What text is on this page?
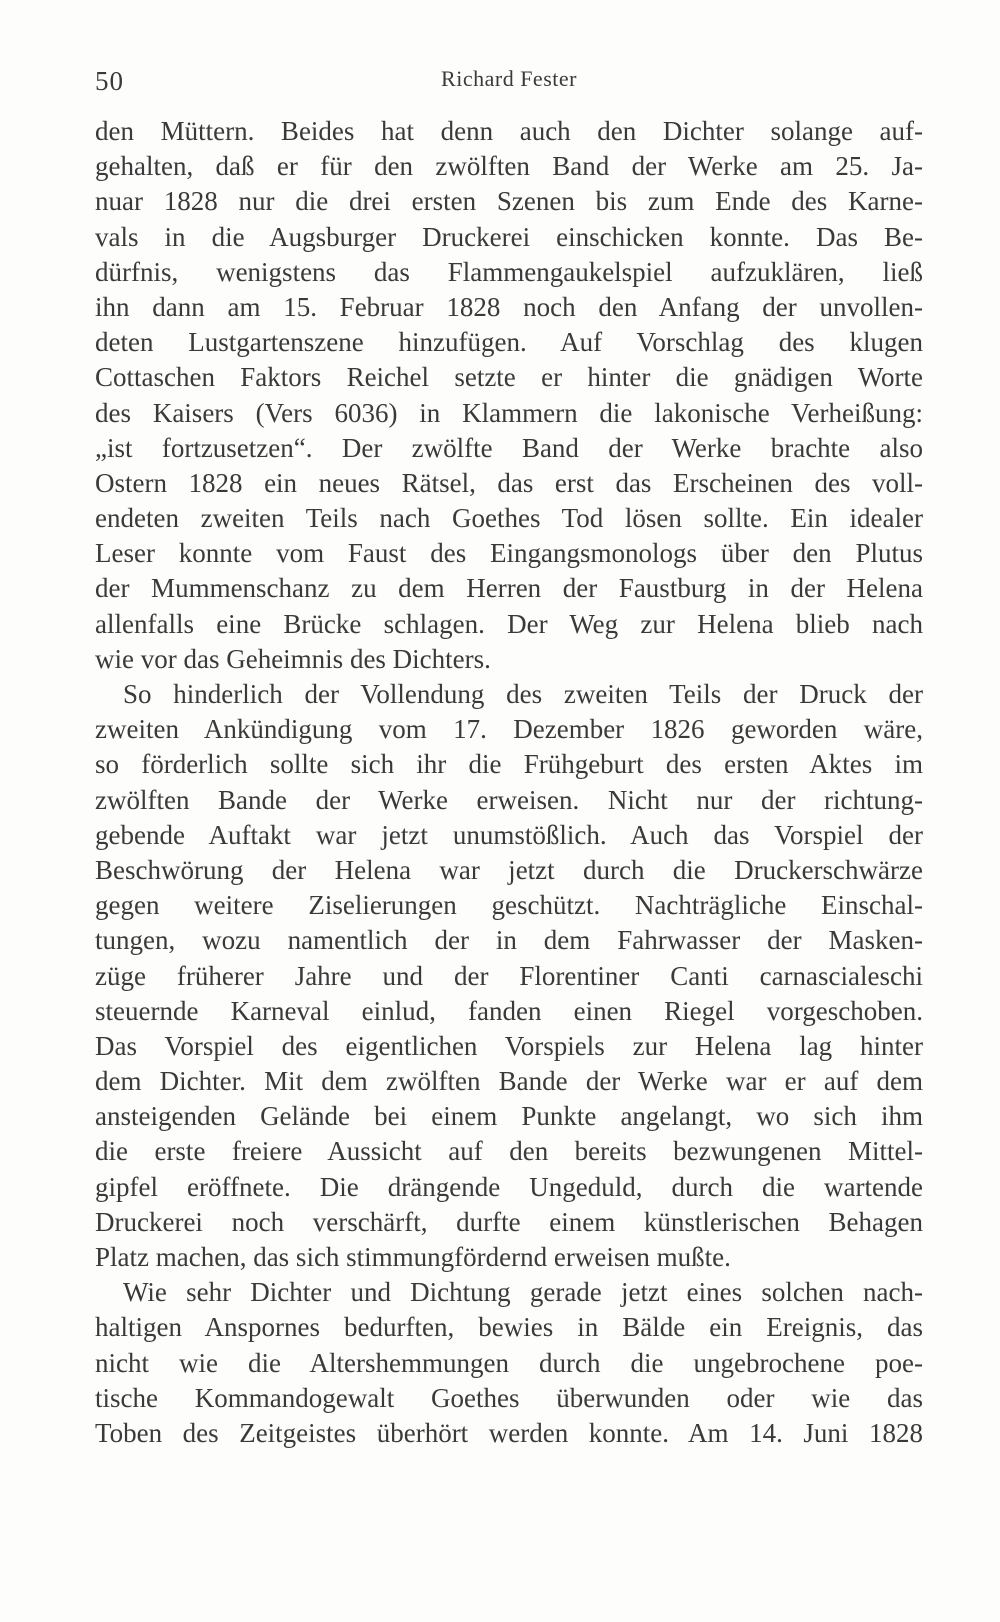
50	Richard Fester
den Müttern. Beides hat denn auch den Dichter solange auf-
gehalten, daß er für den zwölften Band der Werke am 25. Ja-
nuar 1828 nur die drei ersten Szenen bis zum Ende des Karne-
vals in die Augsburger Druckerei einschicken konnte. Das Be-
dürfnis, wenigstens das Flammengaukelspiel aufzuklären, ließ
ihn dann am 15. Februar 1828 noch den Anfang der unvollen-
deten Lustgartenszene hinzufügen. Auf Vorschlag des klugen
Cottaschen Faktors Reichel setzte er hinter die gnädigen Worte
des Kaisers (Vers 6036) in Klammern die lakonische Verheißung:
„ist fortzusetzen“. Der zwölfte Band der Werke brachte also
Ostern 1828 ein neues Rätsel, das erst das Erscheinen des voll-
endeten zweiten Teils nach Goethes Tod lösen sollte. Ein idealer
Leser konnte vom Faust des Eingangsmonologs über den Plutus
der Mummenschanz zu dem Herren der Faustburg in der Helena
allenfalls eine Brücke schlagen. Der Weg zur Helena blieb nach
wie vor das Geheimnis des Dichters.
So hinderlich der Vollendung des zweiten Teils der Druck der
zweiten Ankündigung vom 17. Dezember 1826 geworden wäre,
so förderlich sollte sich ihr die Frühgeburt des ersten Aktes im
zwölften Bande der Werke erweisen. Nicht nur der richtung-
gebende Auftakt war jetzt unumstößlich. Auch das Vorspiel der
Beschwörung der Helena war jetzt durch die Druckerschwärze
gegen weitere Ziselierungen geschützt. Nachträgliche Einschal-
tungen, wozu namentlich der in dem Fahrwasser der Masken-
züge früherer Jahre und der Florentiner Canti carnascialeschi
steuernde Karneval einlud, fanden einen Riegel vorgeschoben.
Das Vorspiel des eigentlichen Vorspiels zur Helena lag hinter
dem Dichter. Mit dem zwölften Bande der Werke war er auf dem
ansteigenden Gelände bei einem Punkte angelangt, wo sich ihm
die erste freiere Aussicht auf den bereits bezwungenen Mittel-
gipfel eröffnete. Die drängende Ungeduld, durch die wartende
Druckerei noch verschärft, durfte einem künstlerischen Behagen
Platz machen, das sich stimmungfördernd erweisen mußte.
Wie sehr Dichter und Dichtung gerade jetzt eines solchen nach-
haltigen Anspornes bedurften, bewies in Bälde ein Ereignis, das
nicht wie die Altershemmungen durch die ungebrochene poe-
tische Kommandogewalt Goethes überwunden oder wie das
Toben des Zeitgeistes überhört werden konnte. Am 14. Juni 1828
